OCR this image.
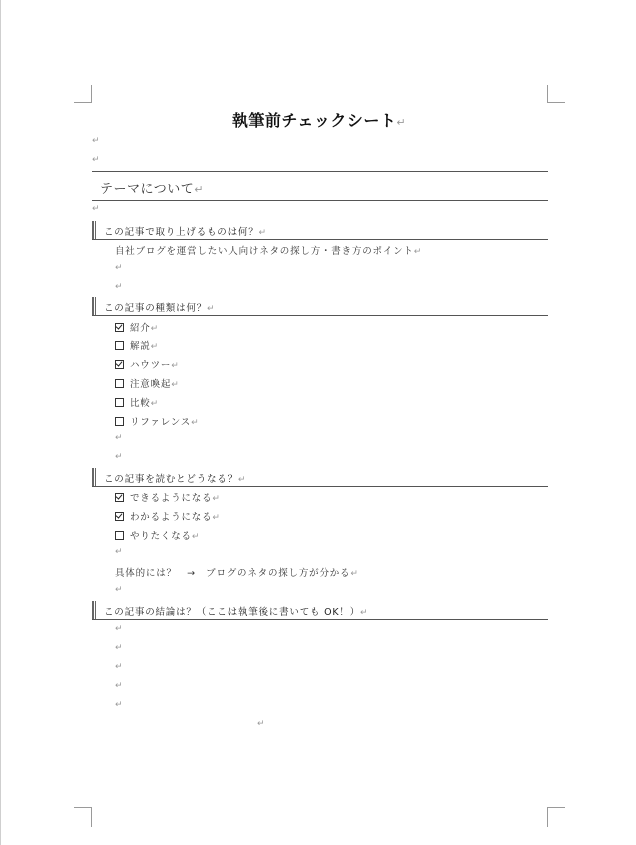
執筆前チェックシート↵
↵
↵
テーマについて↵
↵
この記事で取り上げるものは何？↵
自社ブログを運営したい人向けネタの探し方・書き方のポイント↵
↵
↵
この記事の種類は何？↵
紹介↵
解説↵
ハウツー↵
注意喚起↵
比較↵
リファレンス↵
↵
↵
この記事を読むとどうなる？↵
できるようになる↵
わかるようになる↵
やりたくなる↵
↵
具体的には？　→　ブログのネタの探し方が分かる↵
↵
この記事の結論は？（ここは執筆後に書いても OK！）↵
↵
↵
↵
↵
↵
↵
